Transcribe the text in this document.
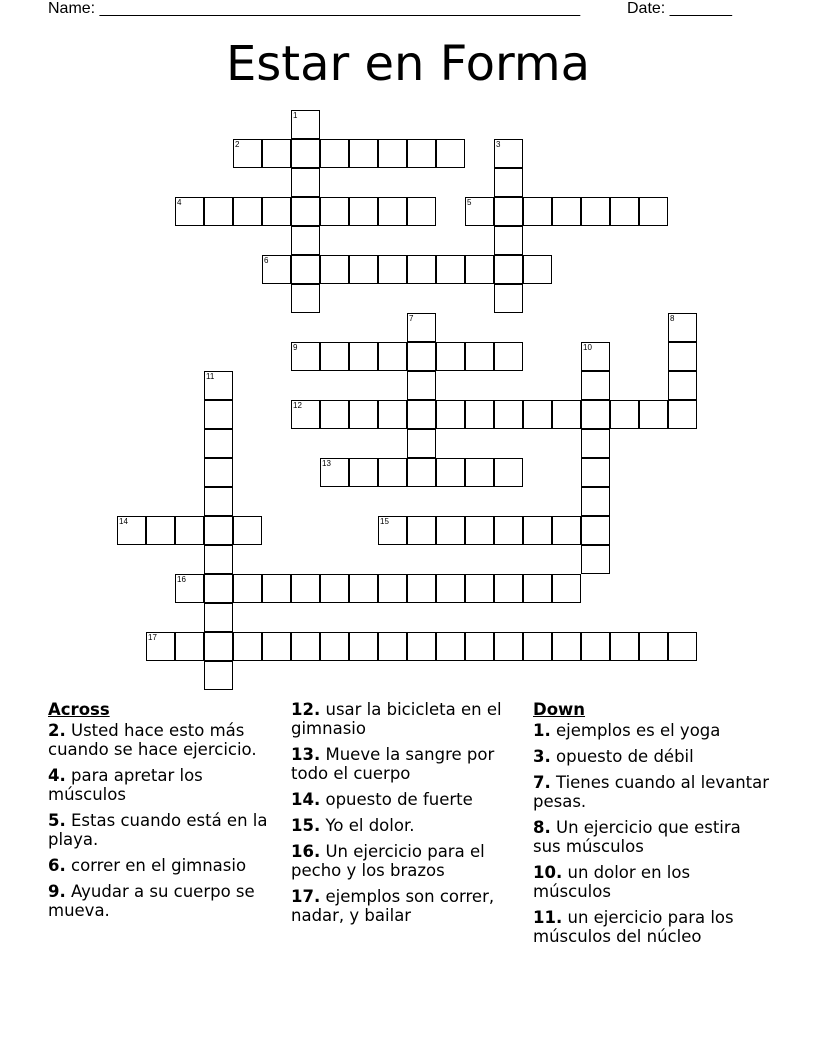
Name: ______________________________________________________	Date: _______
Estar en Forma
1
2	3
4	5
6
7	8
9	10
11
12
13
14	15
16
17
Across
2. Usted hace esto más cuando se hace ejercicio.
4. para apretar los músculos
5. Estas cuando está en la playa.
6. correr en el gimnasio
9. Ayudar a su cuerpo se mueva.
12. usar la bicicleta en el gimnasio
13. Mueve la sangre por todo el cuerpo
14. opuesto de fuerte
15. Yo el dolor.
16. Un ejercicio para el pecho y los brazos
17. ejemplos son correr, nadar, y bailar
Down
1. ejemplos es el yoga
3. opuesto de débil
7. Tienes cuando al levantar pesas.
8. Un ejercicio que estira sus músculos
10. un dolor en los músculos
11. un ejercicio para los músculos del núcleo
